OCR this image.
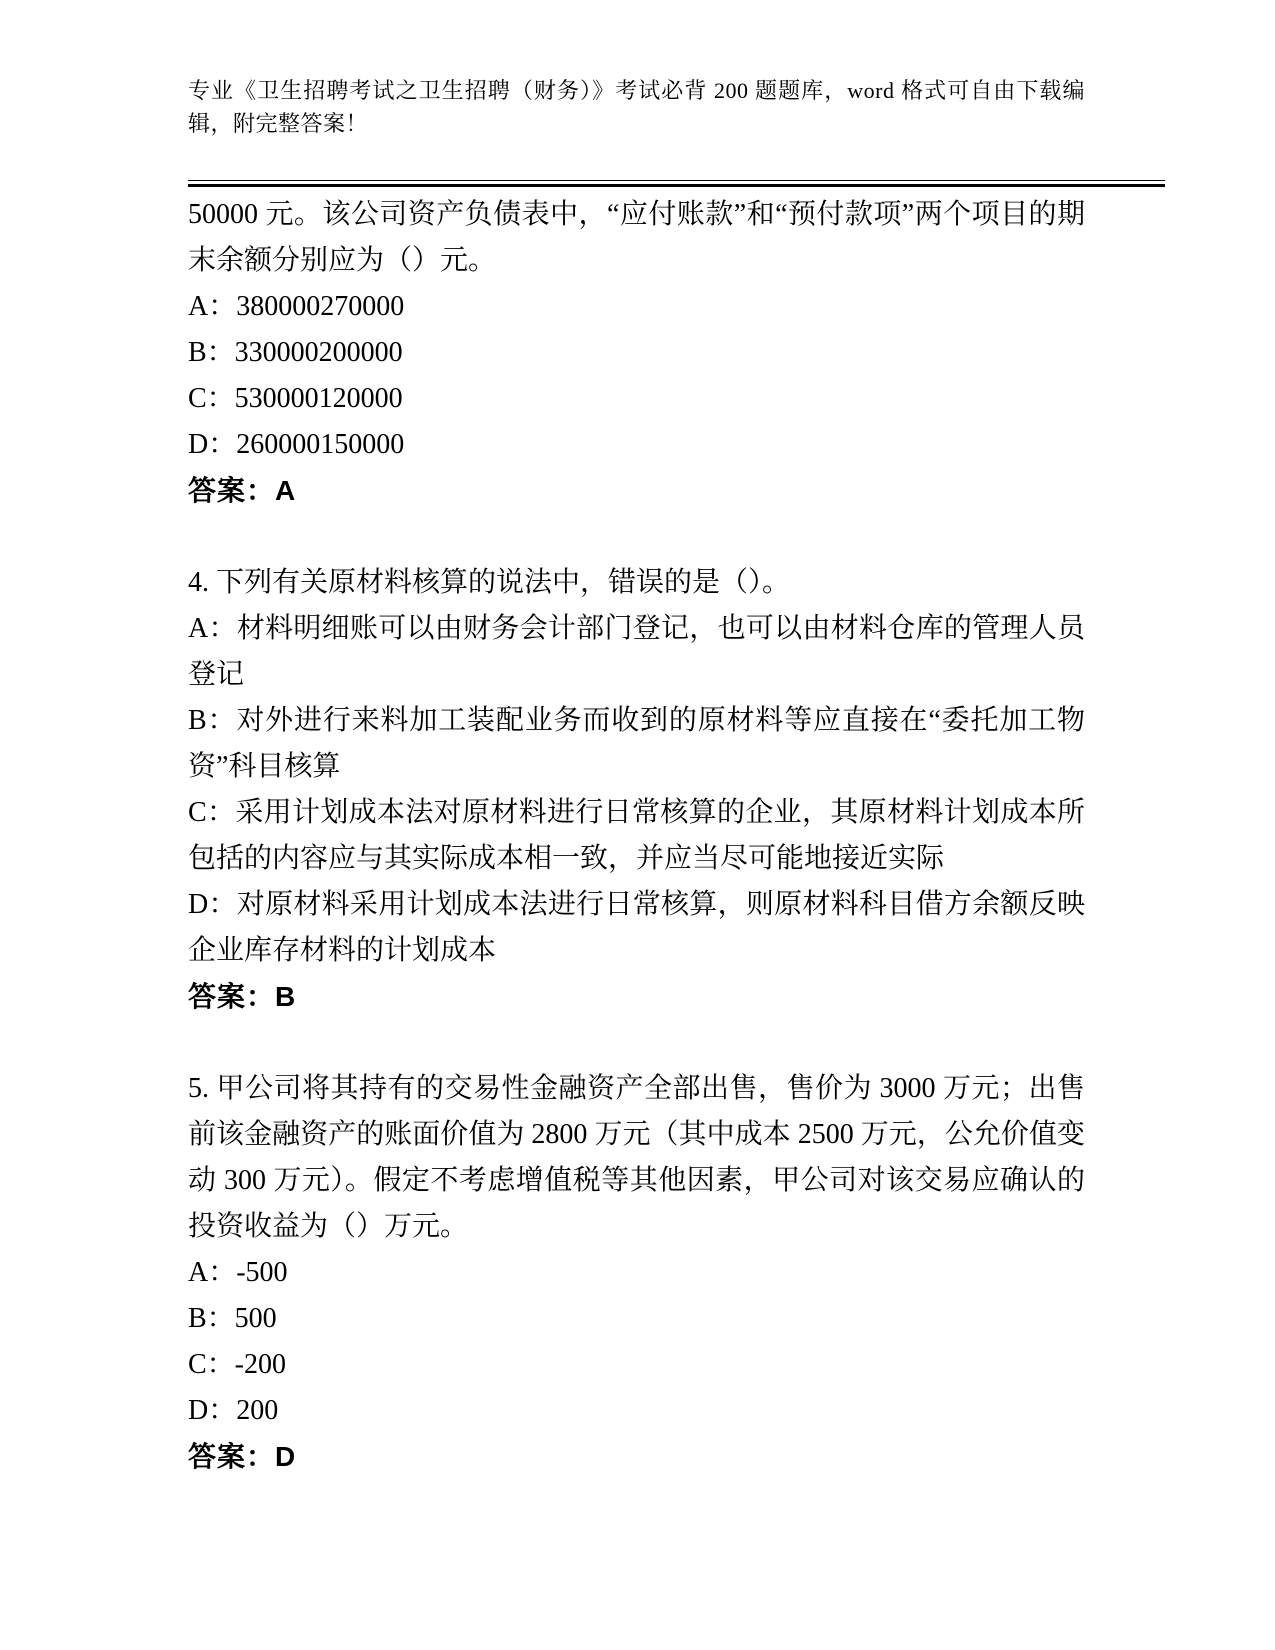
专业《卫生招聘考试之卫生招聘（财务）》考试必背 200 题题库，word 格式可自由下载编辑，附完整答案！

50000 元。该公司资产负债表中，“应付账款”和“预付款项”两个项目的期末余额分别应为（）元。

A：380000270000

B：330000200000

C：530000120000

D：260000150000

答案：A

4. 下列有关原材料核算的说法中，错误的是（）。

A：材料明细账可以由财务会计部门登记，也可以由材料仓库的管理人员登记

B：对外进行来料加工装配业务而收到的原材料等应直接在“委托加工物资”科目核算

C：采用计划成本法对原材料进行日常核算的企业，其原材料计划成本所包括的内容应与其实际成本相一致，并应当尽可能地接近实际

D：对原材料采用计划成本法进行日常核算，则原材料科目借方余额反映企业库存材料的计划成本

答案：B

5. 甲公司将其持有的交易性金融资产全部出售，售价为 3000 万元；出售前该金融资产的账面价值为 2800 万元（其中成本 2500 万元，公允价值变动 300 万元）。假定不考虑增值税等其他因素，甲公司对该交易应确认的投资收益为（）万元。

A：-500

B：500

C：-200

D：200

答案：D
